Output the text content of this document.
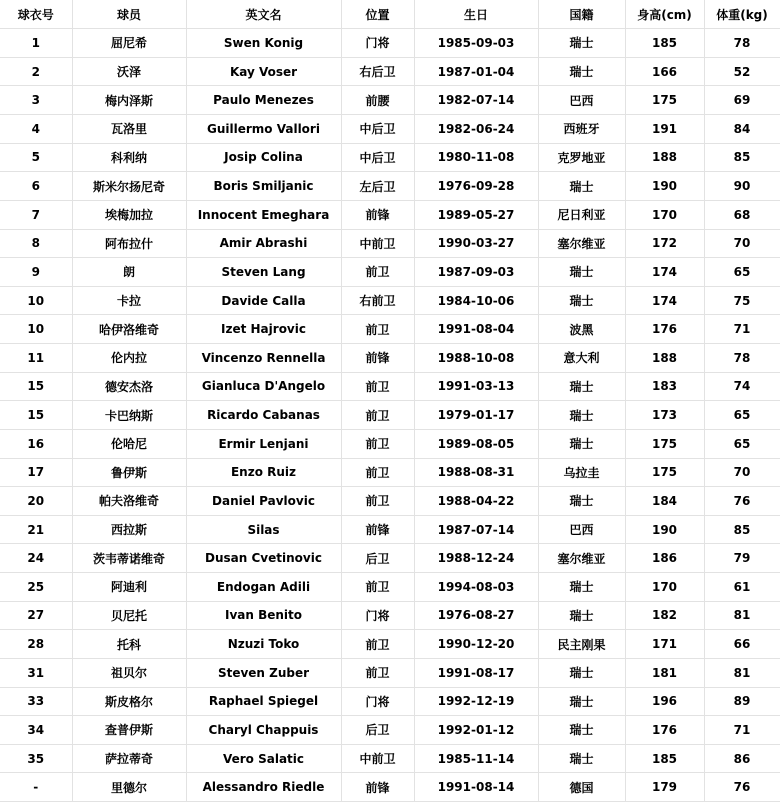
球衣号	球员	英文名	位置	生日	国籍	身高(cm)	体重(kg)
1	屈尼希	Swen Konig	门将	1985-09-03	瑞士	185	78
2	沃泽	Kay Voser	右后卫	1987-01-04	瑞士	166	52
3	梅内泽斯	Paulo Menezes	前腰	1982-07-14	巴西	175	69
4	瓦洛里	Guillermo Vallori	中后卫	1982-06-24	西班牙	191	84
5	科利纳	Josip Colina	中后卫	1980-11-08	克罗地亚	188	85
6	斯米尔扬尼奇	Boris Smiljanic	左后卫	1976-09-28	瑞士	190	90
7	埃梅加拉	Innocent Emeghara	前锋	1989-05-27	尼日利亚	170	68
8	阿布拉什	Amir Abrashi	中前卫	1990-03-27	塞尔维亚	172	70
9	朗	Steven Lang	前卫	1987-09-03	瑞士	174	65
10	卡拉	Davide Calla	右前卫	1984-10-06	瑞士	174	75
10	哈伊洛维奇	Izet Hajrovic	前卫	1991-08-04	波黑	176	71
11	伦内拉	Vincenzo Rennella	前锋	1988-10-08	意大利	188	78
15	德安杰洛	Gianluca D'Angelo	前卫	1991-03-13	瑞士	183	74
15	卡巴纳斯	Ricardo Cabanas	前卫	1979-01-17	瑞士	173	65
16	伦哈尼	Ermir Lenjani	前卫	1989-08-05	瑞士	175	65
17	鲁伊斯	Enzo Ruiz	前卫	1988-08-31	乌拉圭	175	70
20	帕夫洛维奇	Daniel Pavlovic	前卫	1988-04-22	瑞士	184	76
21	西拉斯	Silas	前锋	1987-07-14	巴西	190	85
24	茨韦蒂诺维奇	Dusan Cvetinovic	后卫	1988-12-24	塞尔维亚	186	79
25	阿迪利	Endogan Adili	前卫	1994-08-03	瑞士	170	61
27	贝尼托	Ivan Benito	门将	1976-08-27	瑞士	182	81
28	托科	Nzuzi Toko	前卫	1990-12-20	民主刚果	171	66
31	祖贝尔	Steven Zuber	前卫	1991-08-17	瑞士	181	81
33	斯皮格尔	Raphael Spiegel	门将	1992-12-19	瑞士	196	89
34	查普伊斯	Charyl Chappuis	后卫	1992-01-12	瑞士	176	71
35	萨拉蒂奇	Vero Salatic	中前卫	1985-11-14	瑞士	185	86
-	里德尔	Alessandro Riedle	前锋	1991-08-14	德国	179	76
